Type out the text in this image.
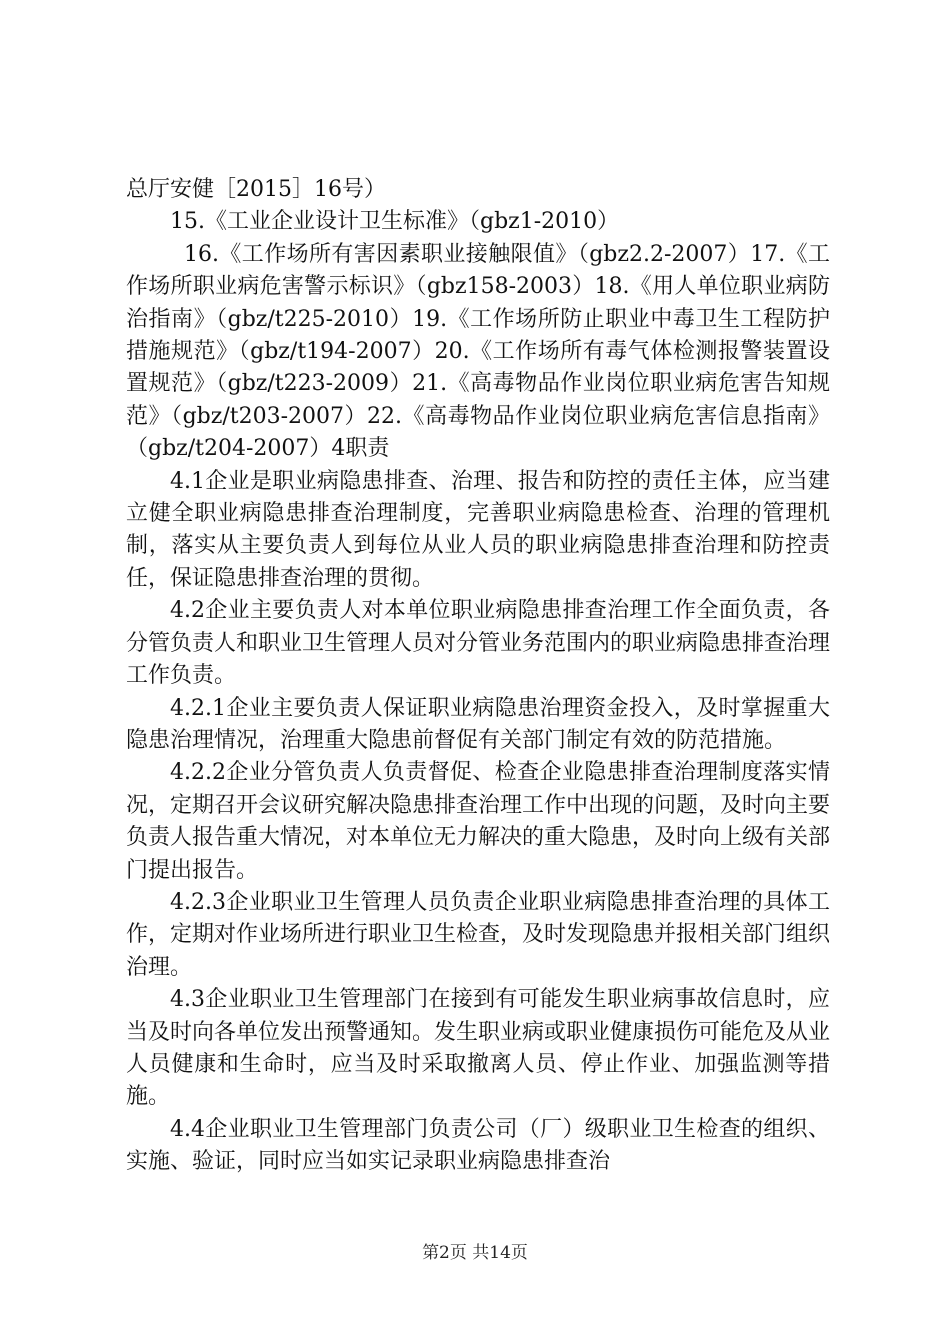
总厅安健［2015］16号）

15.《工业企业设计卫生标准》（gbz1-2010）

16.《工作场所有害因素职业接触限值》（gbz2.2-2007）17.《工作场所职业病危害警示标识》（gbz158-2003）18.《用人单位职业病防治指南》（gbz/t225-2010）19.《工作场所防止职业中毒卫生工程防护措施规范》（gbz/t194-2007）20.《工作场所有毒气体检测报警装置设置规范》（gbz/t223-2009）21.《高毒物品作业岗位职业病危害告知规范》（gbz/t203-2007）22.《高毒物品作业岗位职业病危害信息指南》（gbz/t204-2007）4职责

4.1企业是职业病隐患排查、治理、报告和防控的责任主体，应当建立健全职业病隐患排查治理制度，完善职业病隐患检查、治理的管理机制，落实从主要负责人到每位从业人员的职业病隐患排查治理和防控责任，保证隐患排查治理的贯彻。

4.2企业主要负责人对本单位职业病隐患排查治理工作全面负责，各分管负责人和职业卫生管理人员对分管业务范围内的职业病隐患排查治理工作负责。

4.2.1企业主要负责人保证职业病隐患治理资金投入，及时掌握重大隐患治理情况，治理重大隐患前督促有关部门制定有效的防范措施。

4.2.2企业分管负责人负责督促、检查企业隐患排查治理制度落实情况，定期召开会议研究解决隐患排查治理工作中出现的问题，及时向主要负责人报告重大情况，对本单位无力解决的重大隐患，及时向上级有关部门提出报告。

4.2.3企业职业卫生管理人员负责企业职业病隐患排查治理的具体工作，定期对作业场所进行职业卫生检查，及时发现隐患并报相关部门组织治理。

4.3企业职业卫生管理部门在接到有可能发生职业病事故信息时，应当及时向各单位发出预警通知。发生职业病或职业健康损伤可能危及从业人员健康和生命时，应当及时采取撤离人员、停止作业、加强监测等措施。

4.4企业职业卫生管理部门负责公司（厂）级职业卫生检查的组织、实施、验证，同时应当如实记录职业病隐患排查治

第2页 共14页
